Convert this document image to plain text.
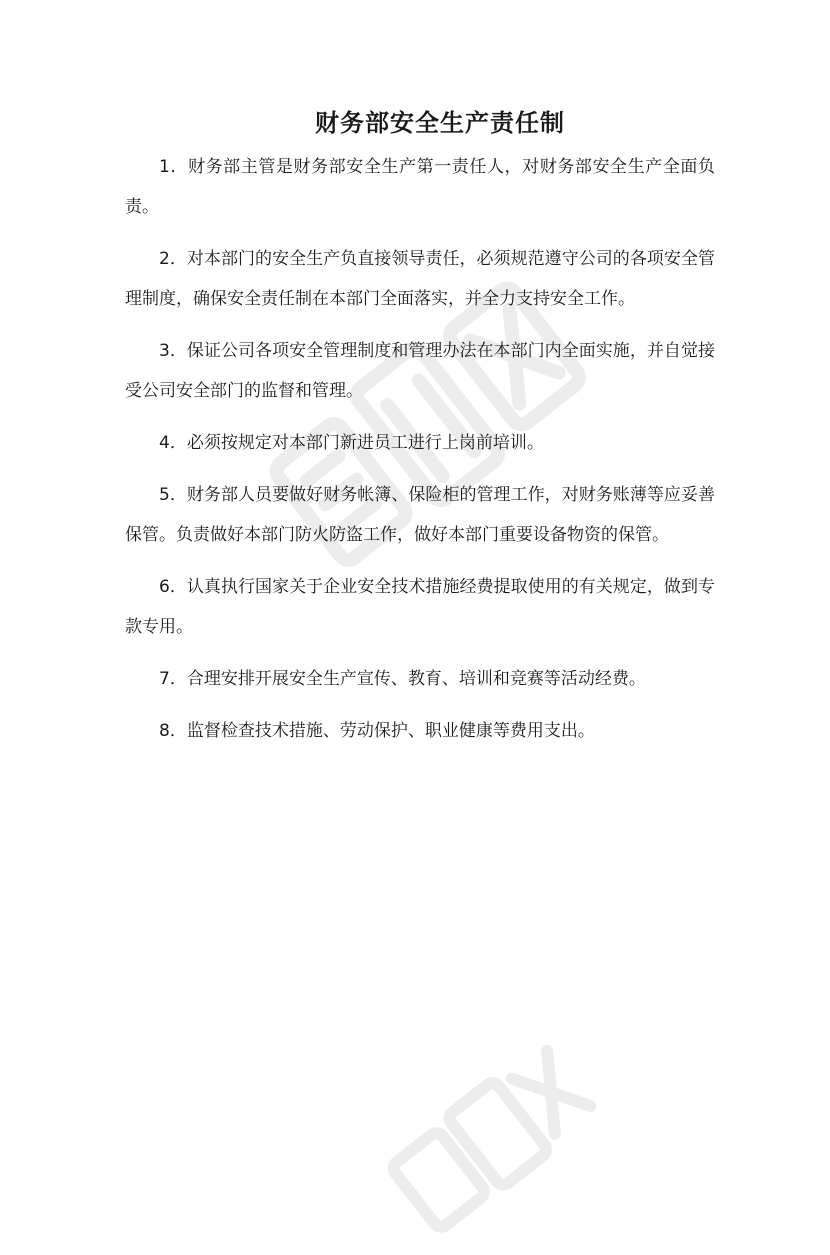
财务部安全生产责任制

1．财务部主管是财务部安全生产第一责任人，对财务部安全生产全面负责。

2．对本部门的安全生产负直接领导责任，必须规范遵守公司的各项安全管理制度，确保安全责任制在本部门全面落实，并全力支持安全工作。

3．保证公司各项安全管理制度和管理办法在本部门内全面实施，并自觉接受公司安全部门的监督和管理。

4．必须按规定对本部门新进员工进行上岗前培训。

5．财务部人员要做好财务帐簿、保险柜的管理工作，对财务账薄等应妥善保管。负责做好本部门防火防盗工作，做好本部门重要设备物资的保管。

6．认真执行国家关于企业安全技术措施经费提取使用的有关规定，做到专款专用。

7．合理安排开展安全生产宣传、教育、培训和竞赛等活动经费。

8．监督检查技术措施、劳动保护、职业健康等费用支出。
